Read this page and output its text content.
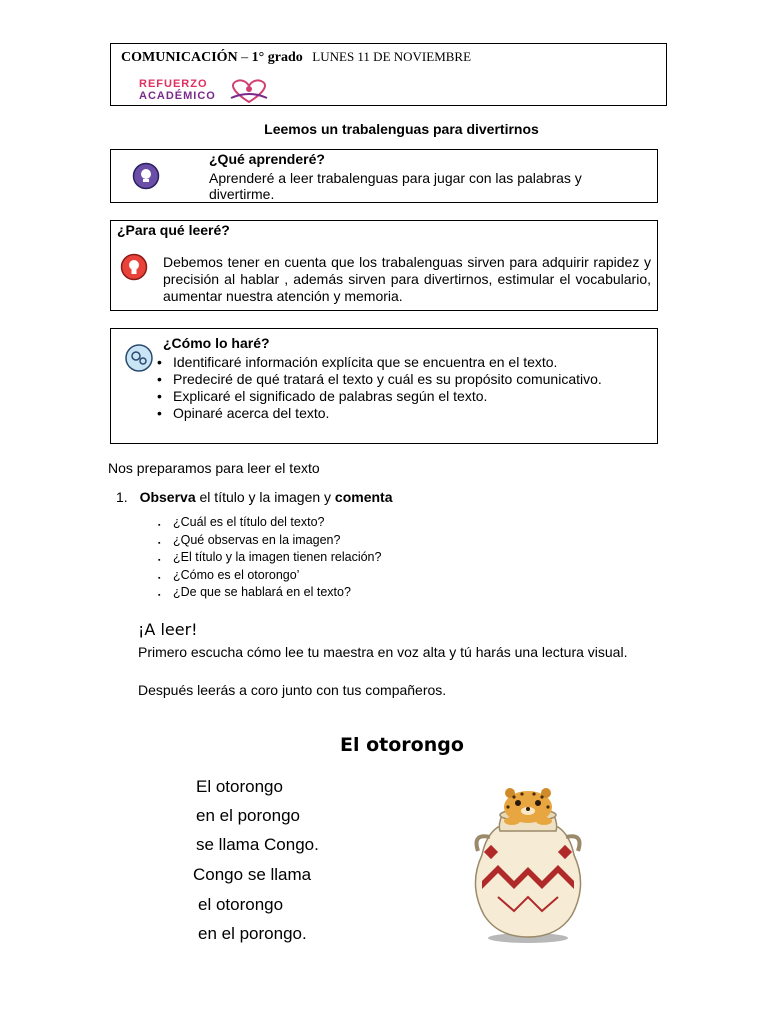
COMUNICACIÓN – 1° grado LUNES 11 DE NOVIEMBRE
REFUERZO
ACADÉMICO
Leemos un trabalenguas para divertirnos
¿Qué aprenderé?
Aprenderé a leer trabalenguas para jugar con las palabras y divertirme.
¿Para qué leeré?
Debemos tener en cuenta que los trabalenguas sirven para adquirir rapidez y precisión al hablar , además sirven para divertirnos, estimular el vocabulario, aumentar nuestra atención y memoria.
¿Cómo lo haré?
• Identificaré información explícita que se encuentra en el texto.
• Predeciré de qué tratará el texto y cuál es su propósito comunicativo.
• Explicaré el significado de palabras según el texto.
• Opinaré acerca del texto.
Nos preparamos para leer el texto
1. Observa el título y la imagen y comenta
▪ ¿Cuál es el título del texto?
▪ ¿Qué observas en la imagen?
▪ ¿El título y la imagen tienen relación?
▪ ¿Cómo es el otorongo’
▪ ¿De que se hablará en el texto?
¡A leer!
Primero escucha cómo lee tu maestra en voz alta y tú harás una lectura visual.
Después leerás a coro junto con tus compañeros.
El otorongo
El otorongo
en el porongo
se llama Congo.
Congo se llama
el otorongo
en el porongo.
